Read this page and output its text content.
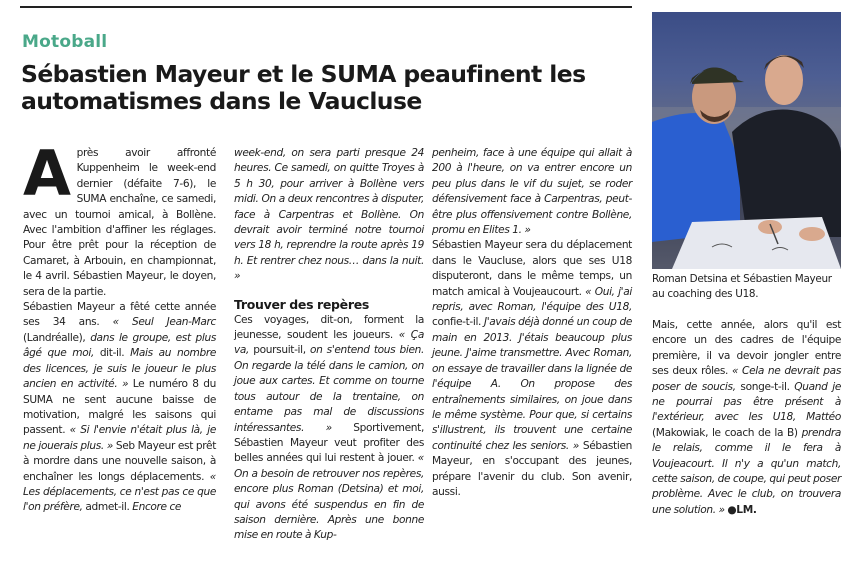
Motoball
Sébastien Mayeur et le SUMA peaufinent les automatismes dans le Vaucluse
A près avoir affronté Kuppenheim le week-end dernier (défaite 7-6), le SUMA enchaîne, ce samedi, avec un tournoi amical, à Bollène. Avec l'ambition d'affiner les réglages. Pour être prêt pour la réception de Camaret, à Arbouin, en championnat, le 4 avril. Sébastien Mayeur, le doyen, sera de la partie.
Sébastien Mayeur a fêté cette année ses 34 ans. « Seul Jean-Marc (Landréalle), dans le groupe, est plus âgé que moi, dit-il. Mais au nombre des licences, je suis le joueur le plus ancien en activité. » Le numéro 8 du SUMA ne sent aucune baisse de motivation, malgré les saisons qui passent. « Si l'envie n'était plus là, je ne jouerais plus. » Seb Mayeur est prêt à mordre dans une nouvelle saison, à enchaîner les longs déplacements. « Les déplacements, ce n'est pas ce que l'on préfère, admet-il. Encore ce

week-end, on sera parti presque 24 heures. Ce samedi, on quitte Troyes à 5 h 30, pour arriver à Bollène vers midi. On a deux rencontres à disputer, face à Carpentras et Bollène. On devrait avoir terminé notre tournoi vers 18 h, reprendre la route après 19 h. Et rentrer chez nous… dans la nuit. »

Trouver des repères

Ces voyages, dit-on, forment la jeunesse, soudent les joueurs. « Ça va, poursuit-il, on s'entend tous bien. On regarde la télé dans le camion, on joue aux cartes. Et comme on tourne tous autour de la trentaine, on entame pas mal de discussions intéressantes. » Sportivement, Sébastien Mayeur veut profiter des belles années qui lui restent à jouer. « On a besoin de retrouver nos repères, encore plus Roman (Detsina) et moi, qui avons été suspendus en fin de saison dernière. Après une bonne mise en route à Kup-

penheim, face à une équipe qui allait à 200 à l'heure, on va entrer encore un peu plus dans le vif du sujet, se roder défensivement face à Carpentras, peut-être plus offensivement contre Bollène, promu en Elites 1. »
Sébastien Mayeur sera du déplacement dans le Vaucluse, alors que ses U18 disputeront, dans le même temps, un match amical à Voujeaucourt. « Oui, j'ai repris, avec Roman, l'équipe des U18, confie-t-il. J'avais déjà donné un coup de main en 2013. J'étais beaucoup plus jeune. J'aime transmettre. Avec Roman, on essaye de travailler dans la lignée de l'équipe A. On propose des entraînements similaires, on joue dans le même système. Pour que, si certains s'illustrent, ils trouvent une certaine continuité chez les seniors. » Sébastien Mayeur, en s'occupant des jeunes, prépare l'avenir du club. Son avenir, aussi.

Roman Detsina et Sébastien Mayeur au coaching des U18.

Mais, cette année, alors qu'il est encore un des cadres de l'équipe première, il va devoir jongler entre ses deux rôles. « Cela ne devrait pas poser de soucis, songe-t-il. Quand je ne pourrai pas être présent à l'extérieur, avec les U18, Mattéo (Makowiak, le coach de la B) prendra le relais, comme il le fera à Voujeacourt. Il n'y a qu'un match, cette saison, de coupe, qui peut poser problème. Avec le club, on trouvera une solution. » ●LM.
